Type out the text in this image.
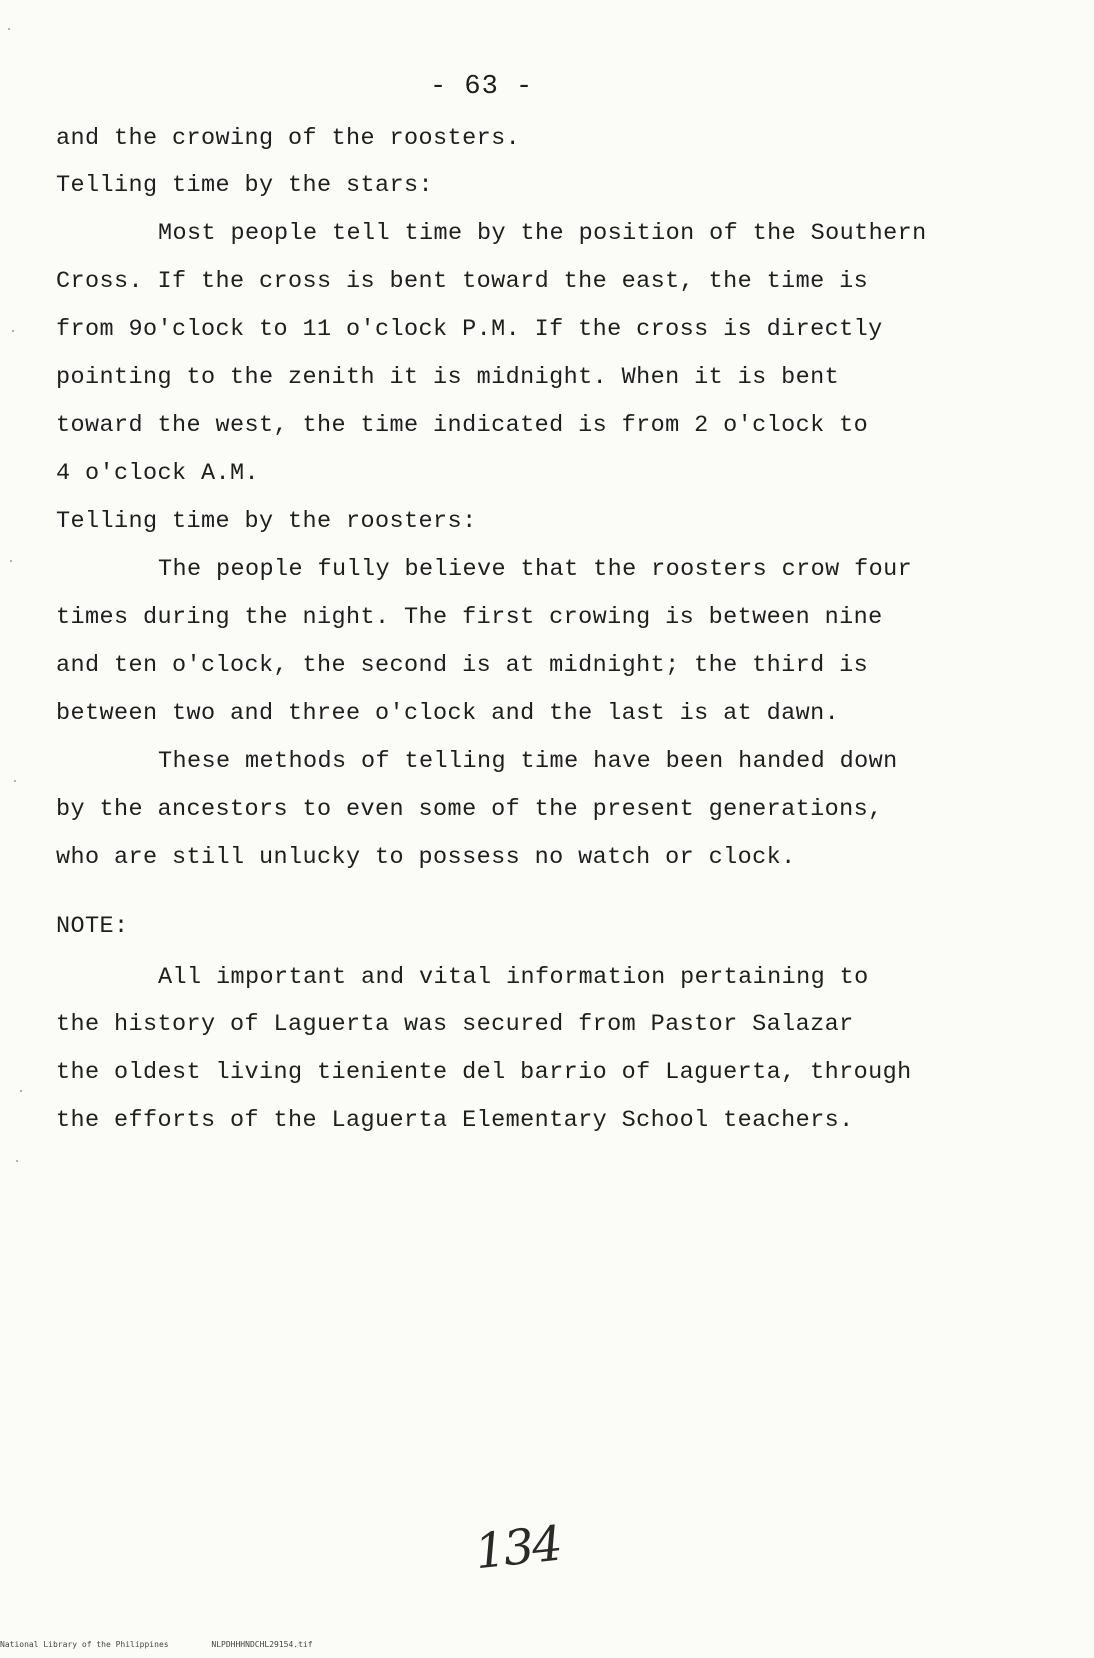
- 63 -
and the crowing of the roosters.
Telling time by the stars:
Most people tell time by the position of the Southern
Cross. If the cross is bent toward the east, the time is
from 9o'clock to 11 o'clock P.M. If the cross is directly
pointing to the zenith it is midnight. When it is bent
toward the west, the time indicated is from 2 o'clock to
4 o'clock A.M.
Telling time by the roosters:
The people fully believe that the roosters crow four
times during the night. The first crowing is between nine
and ten o'clock, the second is at midnight; the third is
between two and three o'clock and the last is at dawn.
These methods of telling time have been handed down
by the ancestors to even some of the present generations,
who are still unlucky to possess no watch or clock.
NOTE:
All important and vital information pertaining to
the history of Laguerta was secured from Pastor Salazar
the oldest living tieniente del barrio of Laguerta, through
the efforts of the Laguerta Elementary School teachers.
134
National Library of the Philippines	NLPDHHHNDCHL29154.tif
